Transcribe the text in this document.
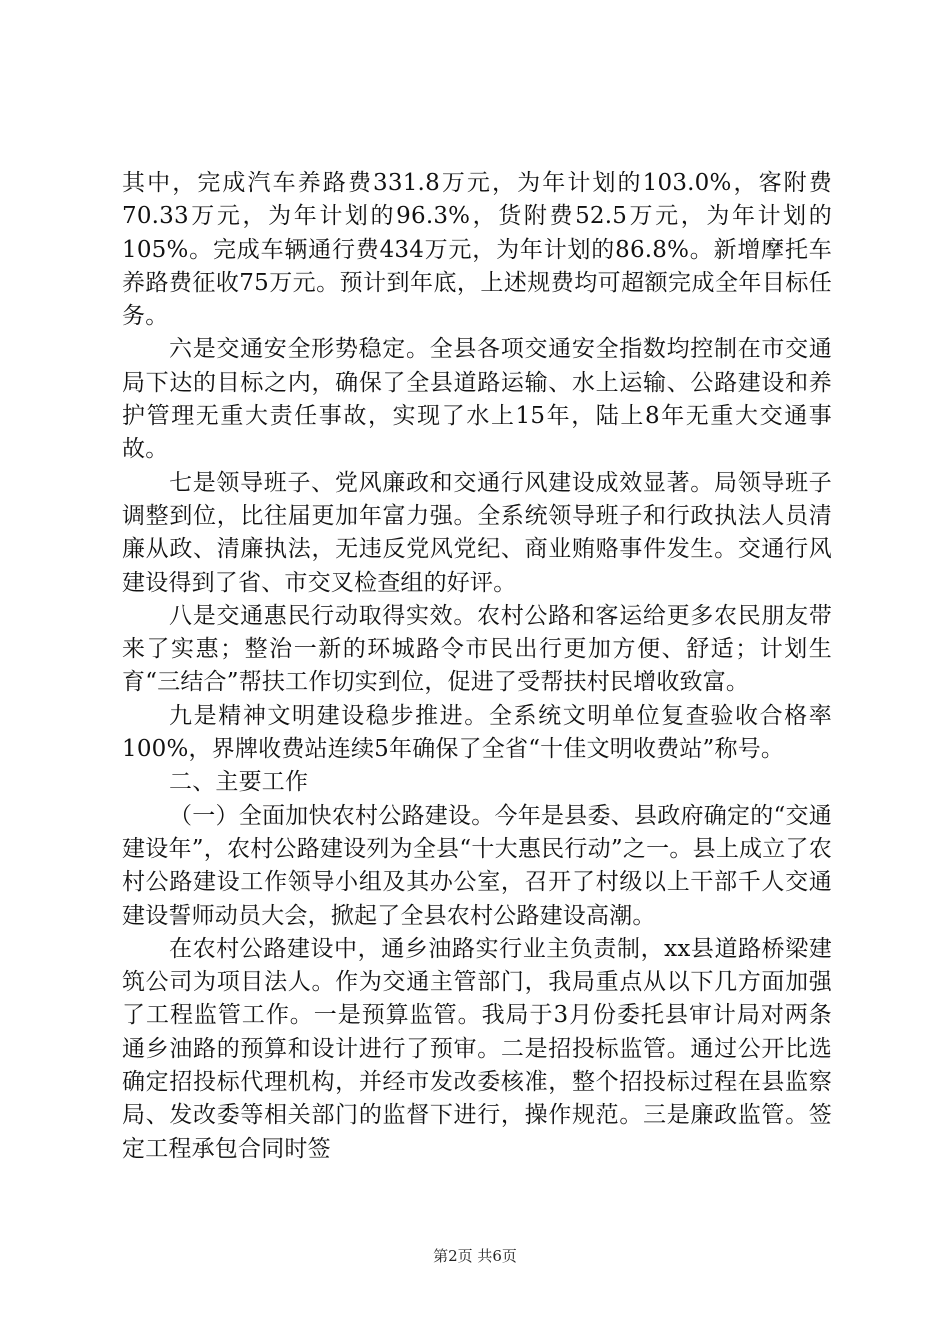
其中，完成汽车养路费331.8万元，为年计划的103.0%，客附费70.33万元，为年计划的96.3%，货附费52.5万元，为年计划的105%。完成车辆通行费434万元，为年计划的86.8%。新增摩托车养路费征收75万元。预计到年底，上述规费均可超额完成全年目标任务。

六是交通安全形势稳定。全县各项交通安全指数均控制在市交通局下达的目标之内，确保了全县道路运输、水上运输、公路建设和养护管理无重大责任事故，实现了水上15年，陆上8年无重大交通事故。

七是领导班子、党风廉政和交通行风建设成效显著。局领导班子调整到位，比往届更加年富力强。全系统领导班子和行政执法人员清廉从政、清廉执法，无违反党风党纪、商业贿赂事件发生。交通行风建设得到了省、市交叉检查组的好评。

八是交通惠民行动取得实效。农村公路和客运给更多农民朋友带来了实惠；整治一新的环城路令市民出行更加方便、舒适；计划生育“三结合”帮扶工作切实到位，促进了受帮扶村民增收致富。

九是精神文明建设稳步推进。全系统文明单位复查验收合格率100%，界牌收费站连续5年确保了全省“十佳文明收费站”称号。

二、主要工作

（一）全面加快农村公路建设。今年是县委、县政府确定的“交通建设年”，农村公路建设列为全县“十大惠民行动”之一。县上成立了农村公路建设工作领导小组及其办公室，召开了村级以上干部千人交通建设誓师动员大会，掀起了全县农村公路建设高潮。

在农村公路建设中，通乡油路实行业主负责制，xx县道路桥梁建筑公司为项目法人。作为交通主管部门，我局重点从以下几方面加强了工程监管工作。一是预算监管。我局于3月份委托县审计局对两条通乡油路的预算和设计进行了预审。二是招投标监管。通过公开比选确定招投标代理机构，并经市发改委核准，整个招投标过程在县监察局、发改委等相关部门的监督下进行，操作规范。三是廉政监管。签定工程承包合同时签

第2页 共6页
